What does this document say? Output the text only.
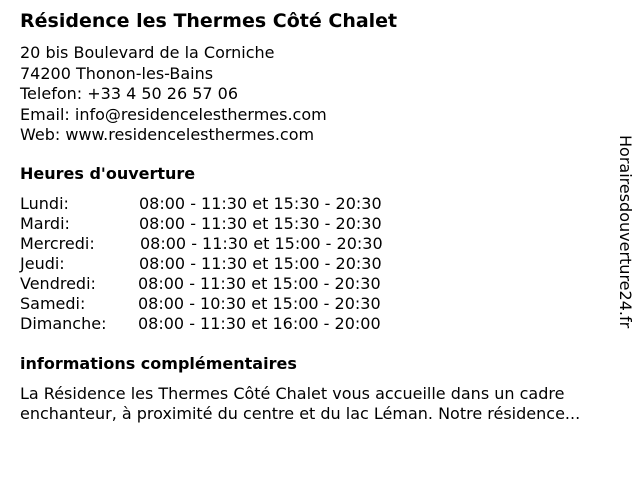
Résidence les Thermes Côté Chalet
20 bis Boulevard de la Corniche
74200 Thonon-les-Bains
Telefon: +33 4 50 26 57 06
Email: info@residencelesthermes.com
Web: www.residencelesthermes.com
Heures d'ouverture
Lundi:	08:00 - 11:30 et 15:30 - 20:30
Mardi:	08:00 - 11:30 et 15:30 - 20:30
Mercredi:	08:00 - 11:30 et 15:00 - 20:30
Jeudi:	08:00 - 11:30 et 15:00 - 20:30
Vendredi:	08:00 - 11:30 et 15:00 - 20:30
Samedi:	08:00 - 10:30 et 15:00 - 20:30
Dimanche: 08:00 - 11:30 et 16:00 - 20:00
informations complémentaires
La Résidence les Thermes Côté Chalet vous accueille dans un cadre
enchanteur, à proximité du centre et du lac Léman. Notre résidence...
Horairesdouverture24.fr
